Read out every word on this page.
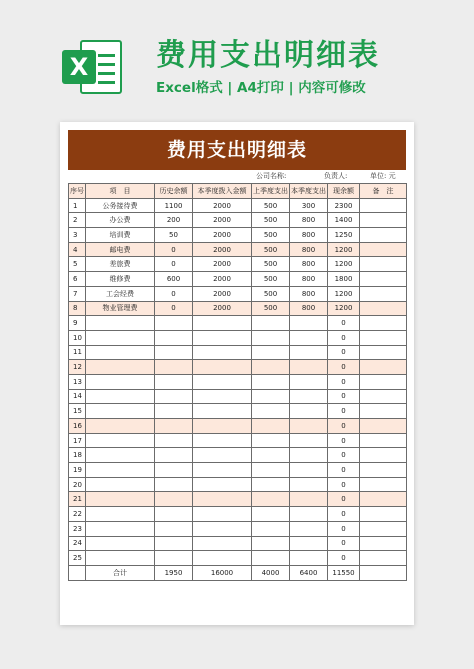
X 费用支出明细表
Excel格式 | A4打印 | 内容可修改
费用支出明细表
公司名称:	负责人:	单位: 元
序号	项　目	历史余额	本季度拨入金额	上季度支出	本季度支出	现余额	备　注
1	公务接待费	1100	2000	500	300	2300	
2	办公费	200	2000	500	800	1400	
3	培训费	50	2000	500	800	1250	
4	邮电费	0	2000	500	800	1200	
5	差旅费	0	2000	500	800	1200	
6	维修费	600	2000	500	800	1800	
7	工会经费	0	2000	500	800	1200	
8	物业管理费	0	2000	500	800	1200	
9						0	
10						0	
11						0	
12						0	
13						0	
14						0	
15						0	
16						0	
17						0	
18						0	
19						0	
20						0	
21						0	
22						0	
23						0	
24						0	
25						0	
	合计	1950	16000	4000	6400	11550	
